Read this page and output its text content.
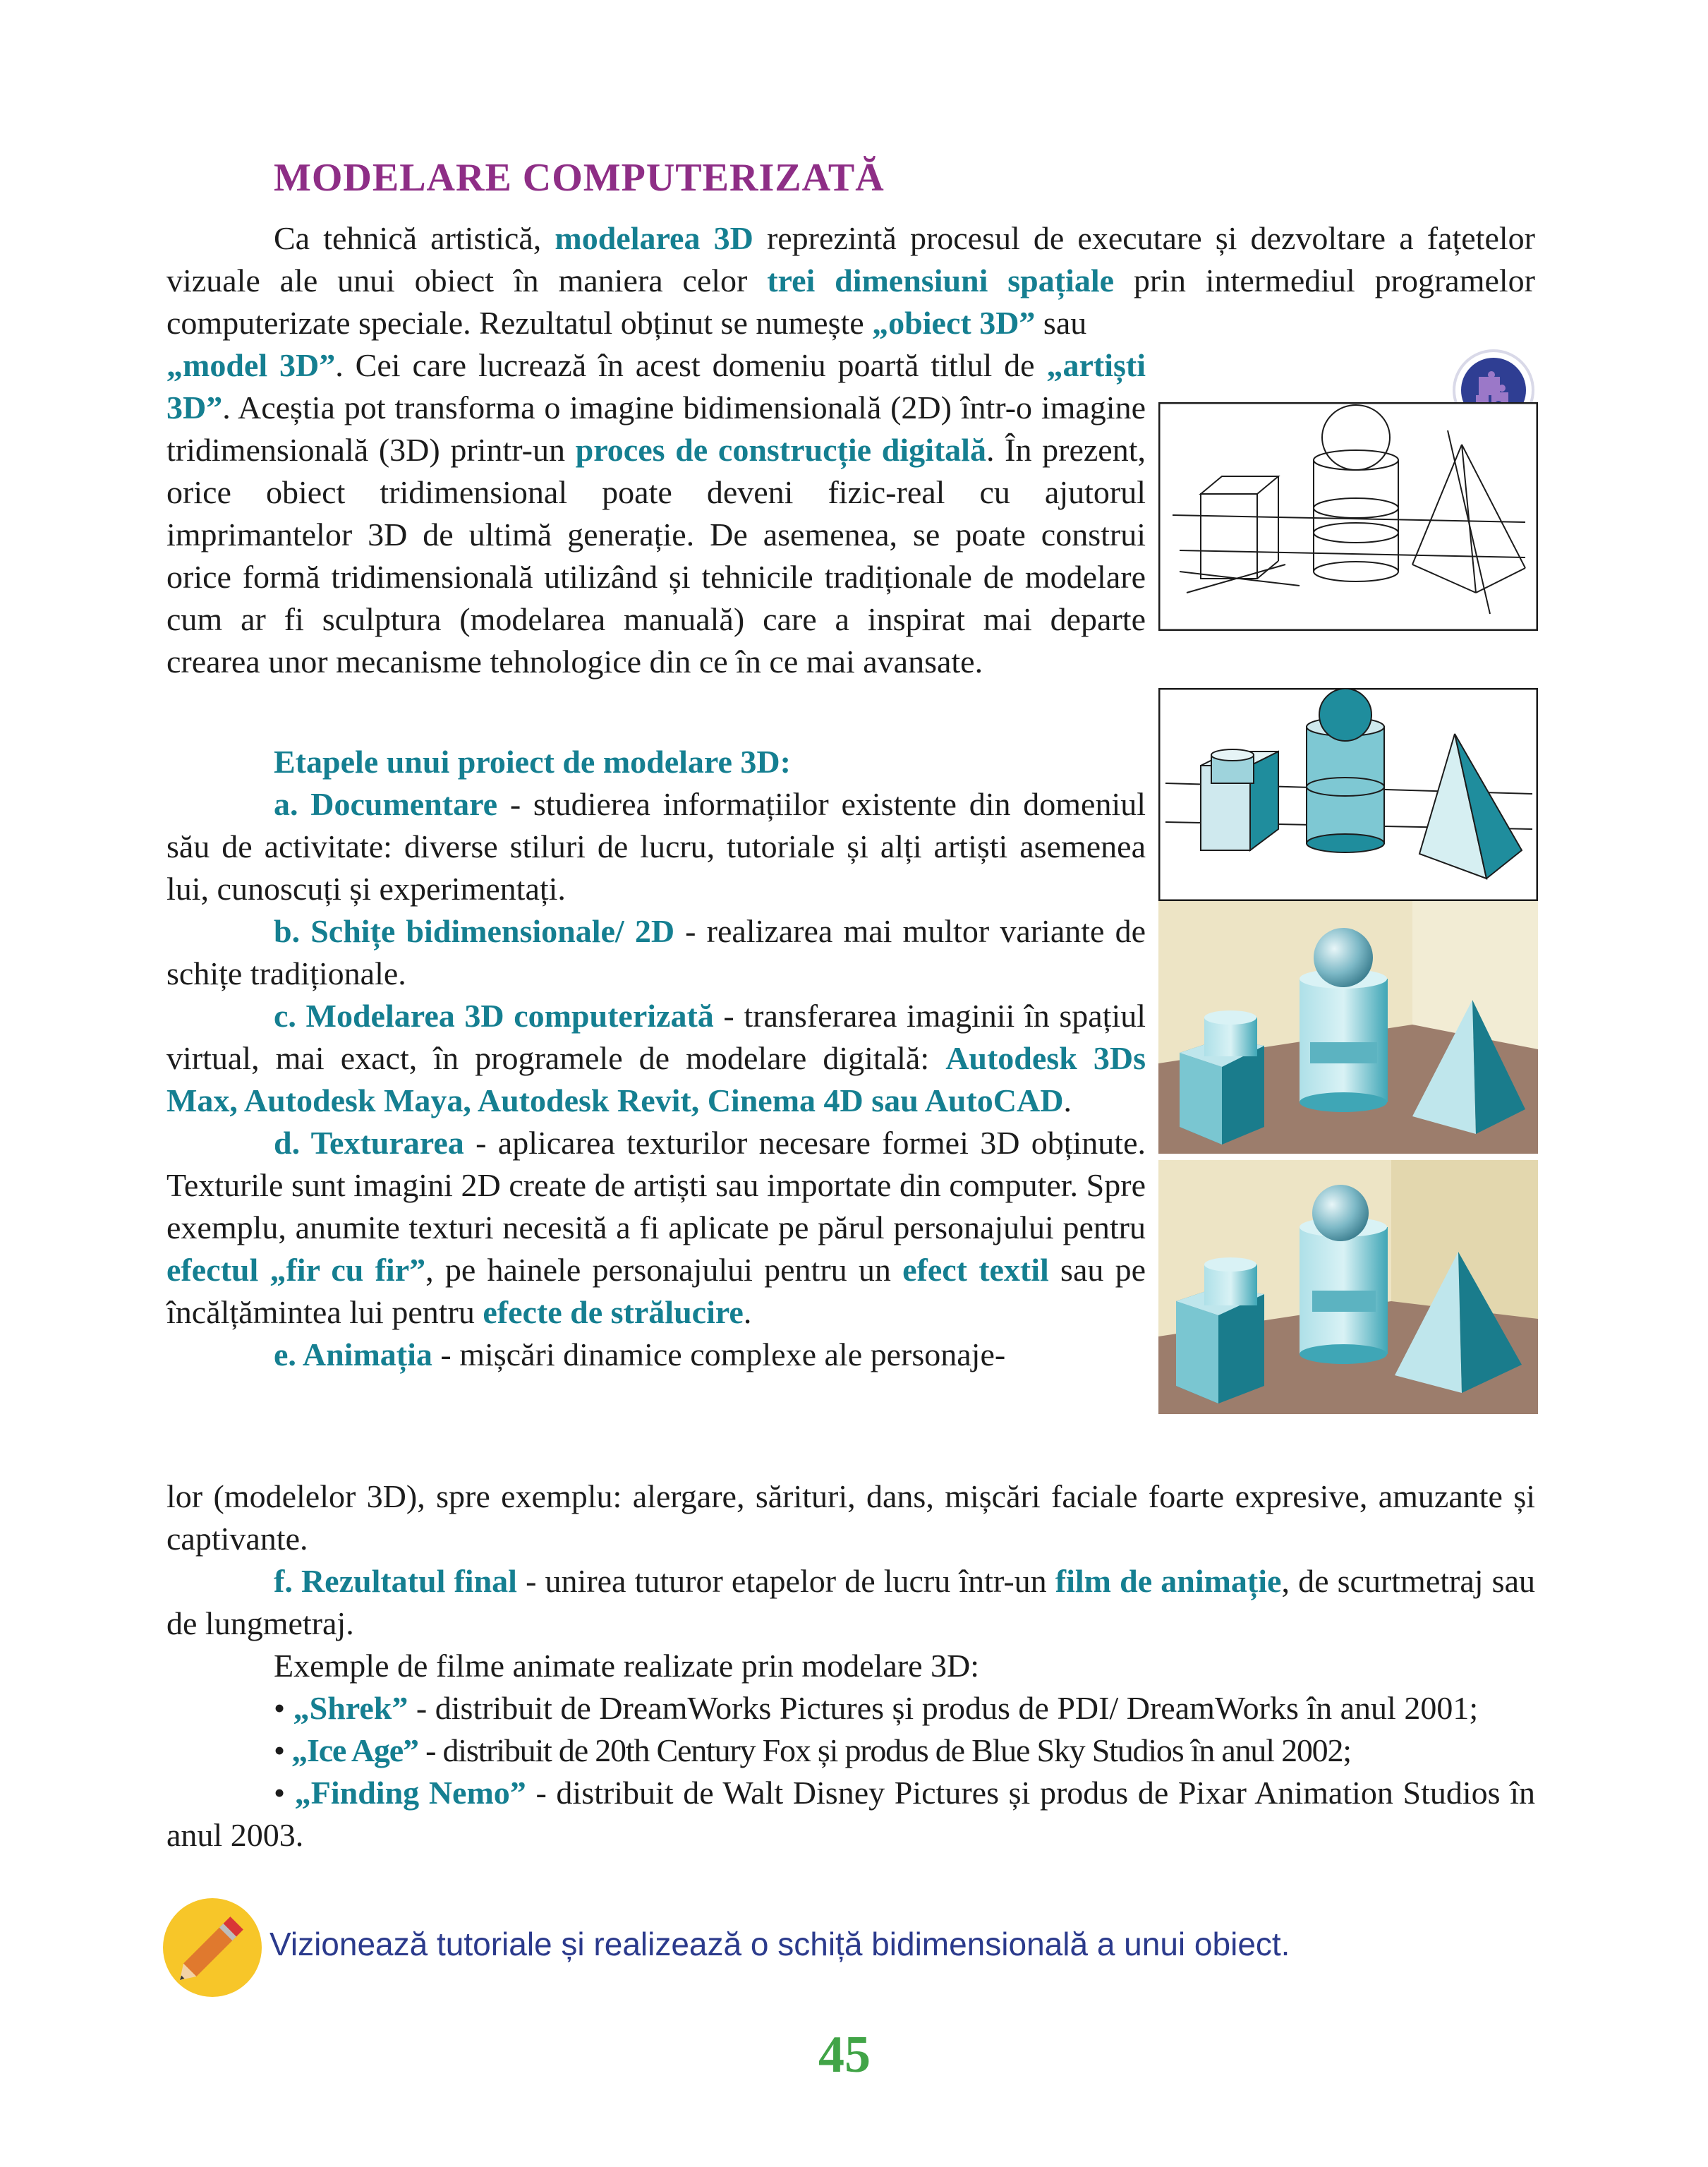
MODELARE COMPUTERIZATĂ

Ca tehnică artistică, modelarea 3D reprezintă procesul de executare și dezvoltare a fațetelor vizuale ale unui obiect în maniera celor trei dimensiuni spațiale prin intermediul programelor computerizate speciale. Rezultatul obținut se numește „obiect 3D” sau

„model 3D”. Cei care lucrează în acest domeniu poartă titlul de „artiști 3D”. Aceștia pot transforma o imagine bidimensională (2D) într-o imagine tridimensională (3D) printr-un proces de construcție digitală. În prezent, orice obiect tridimensional poate deveni fizic-real cu ajutorul imprimantelor 3D de ultimă generație. De asemenea, se poate construi orice formă tridimensională utilizând și tehnicile tradiționale de modelare cum ar fi sculptura (modelarea manuală) care a inspirat mai departe crearea unor mecanisme tehnologice din ce în ce mai avansate.

Etapele unui proiect de modelare 3D:
a. Documentare - studierea informațiilor existente din domeniul său de activitate: diverse stiluri de lucru, tutoriale și alți artiști asemenea lui, cunoscuți și experimentați.
b. Schițe bidimensionale/ 2D - realizarea mai multor variante de schițe tradiționale.
c. Modelarea 3D computerizată - transferarea imaginii în spațiul virtual, mai exact, în programele de modelare digitală: Autodesk 3Ds Max, Autodesk Maya, Autodesk Revit, Cinema 4D sau AutoCAD.
d. Texturarea - aplicarea texturilor necesare formei 3D obținute. Texturile sunt imagini 2D create de artiști sau importate din computer. Spre exemplu, anumite texturi necesită a fi aplicate pe părul personajului pentru efectul „fir cu fir”, pe hainele personajului pentru un efect textil sau pe încălțămintea lui pentru efecte de strălucire.
e. Animația - mișcări dinamice complexe ale personaje-
lor (modelelor 3D), spre exemplu: alergare, sărituri, dans, mișcări faciale foarte expresive, amuzante și captivante.
f. Rezultatul final - unirea tuturor etapelor de lucru într-un film de animație, de scurtmetraj sau de lungmetraj.
Exemple de filme animate realizate prin modelare 3D:
• „Shrek” - distribuit de DreamWorks Pictures și produs de PDI/ DreamWorks în anul 2001;
• „Ice Age” - distribuit de 20th Century Fox și produs de Blue Sky Studios în anul 2002;
• „Finding Nemo” - distribuit de Walt Disney Pictures și produs de Pixar Animation Studios în anul 2003.
Vizionează tutoriale și realizează o schiță bidimensională a unui obiect.
45
